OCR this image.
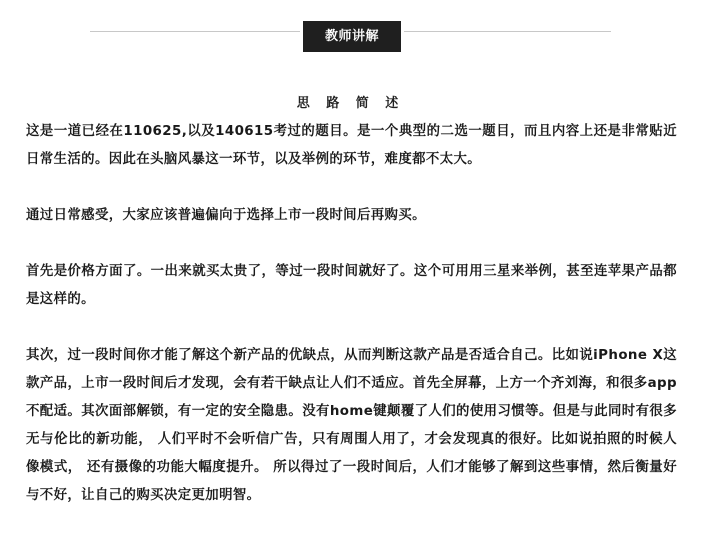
教师讲解
思 路 简 述

这是一道已经在110625,以及140615考过的题目。是一个典型的二选一题目，而且内容上还是非常贴近日常生活的。因此在头脑风暴这一环节，以及举例的环节，难度都不太大。

通过日常感受，大家应该普遍偏向于选择上市一段时间后再购买。

首先是价格方面了。一出来就买太贵了，等过一段时间就好了。这个可用用三星来举例，甚至连苹果产品都是这样的。

其次，过一段时间你才能了解这个新产品的优缺点，从而判断这款产品是否适合自己。比如说iPhone X这款产品，上市一段时间后才发现，会有若干缺点让人们不适应。首先全屏幕，上方一个齐刘海，和很多app不配适。其次面部解锁，有一定的安全隐患。没有home键颠覆了人们的使用习惯等。但是与此同时有很多无与伦比的新功能， 人们平时不会听信广告，只有周围人用了，才会发现真的很好。比如说拍照的时候人像模式， 还有摄像的功能大幅度提升。 所以得过了一段时间后，人们才能够了解到这些事情，然后衡量好与不好，让自己的购买决定更加明智。
